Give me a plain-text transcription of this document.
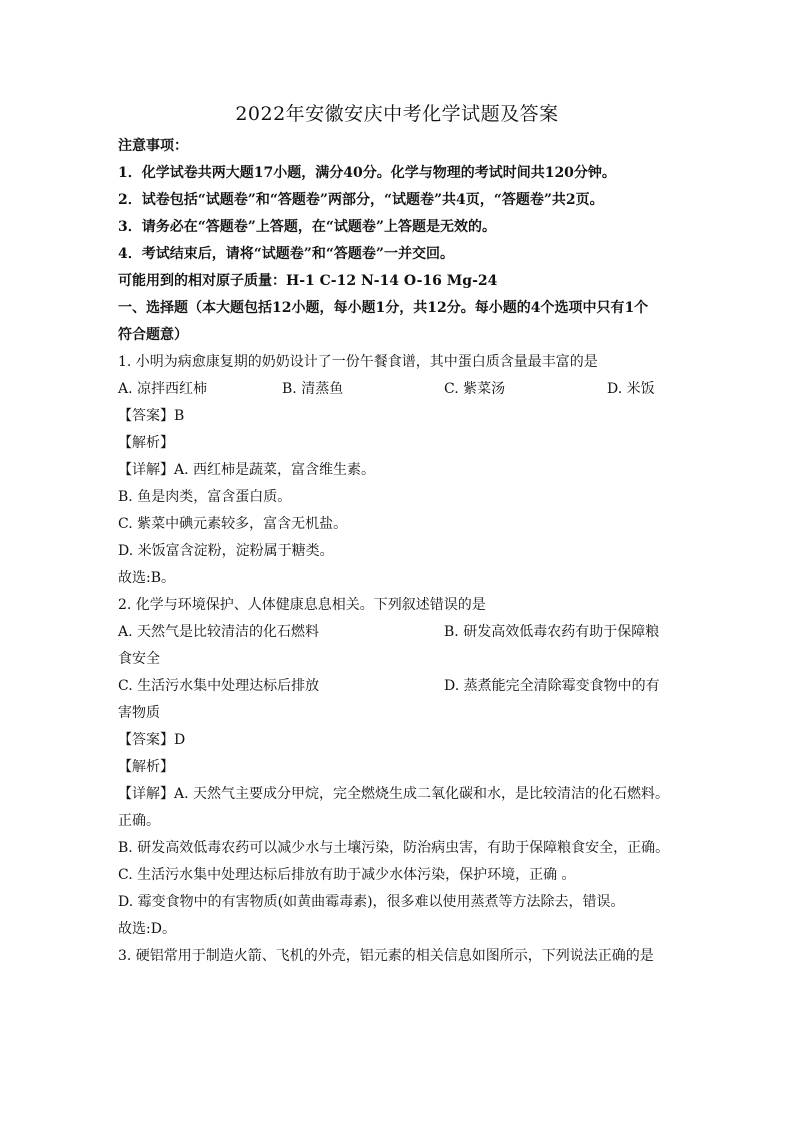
2022年安徽安庆中考化学试题及答案
注意事项：
1．化学试卷共两大题17小题，满分40分。化学与物理的考试时间共120分钟。
2．试卷包括“试题卷”和“答题卷”两部分，“试题卷”共4页，“答题卷”共2页。
3．请务必在“答题卷”上答题，在“试题卷”上答题是无效的。
4．考试结束后，请将“试题卷”和“答题卷”一并交回。
可能用到的相对原子质量：H-1 C-12 N-14 O-16 Mg-24
一、选择题（本大题包括12小题，每小题1分，共12分。每小题的4个选项中只有1个
符合题意）
1. 小明为病愈康复期的奶奶设计了一份午餐食谱，其中蛋白质含量最丰富的是
A. 凉拌西红柿	B. 清蒸鱼	C. 紫菜汤	D. 米饭
【答案】B
【解析】
【详解】A. 西红柿是蔬菜，富含维生素。
B. 鱼是肉类，富含蛋白质。
C. 紫菜中碘元素较多，富含无机盐。
D. 米饭富含淀粉，淀粉属于糖类。
故选:B。
2. 化学与环境保护、人体健康息息相关。下列叙述错误的是
A. 天然气是比较清洁的化石燃料	B. 研发高效低毒农药有助于保障粮
食安全
C. 生活污水集中处理达标后排放	D. 蒸煮能完全清除霉变食物中的有
害物质
【答案】D
【解析】
【详解】A. 天然气主要成分甲烷，完全燃烧生成二氧化碳和水，是比较清洁的化石燃料。
正确。
B. 研发高效低毒农药可以减少水与土壤污染，防治病虫害，有助于保障粮食安全，正确。
C. 生活污水集中处理达标后排放有助于减少水体污染，保护环境，正确 。
D. 霉变食物中的有害物质(如黄曲霉毒素)，很多难以使用蒸煮等方法除去，错误。
故选:D。
3. 硬铝常用于制造火箭、飞机的外壳，铝元素的相关信息如图所示，下列说法正确的是
